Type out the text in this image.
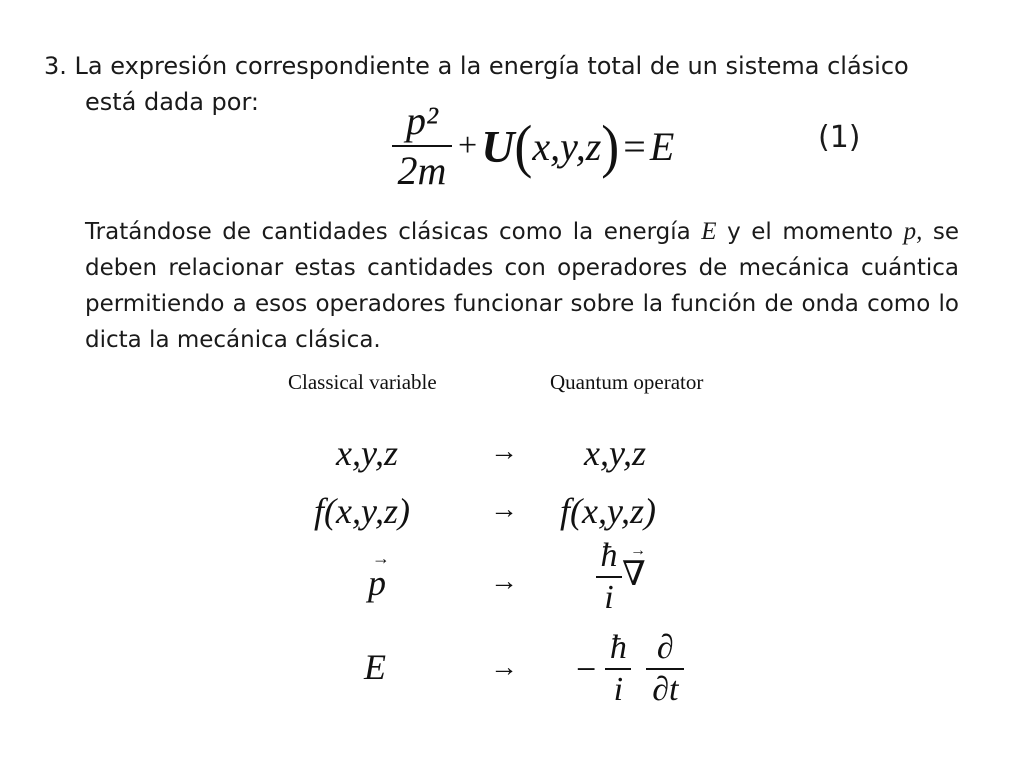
3. La expresión correspondiente a la energía total de un sistema clásico
está dada por:	$\frac{\text{p²}}{2m} + U$ ( x,y,z ) = E	(1)
Tratándose de cantidades clásicas como la energía E y el momento p, se deben relacionar estas cantidades con operadores de mecánica cuántica permitiendo a esos operadores funcionar sobre la función de onda como lo dicta la mecánica clásica.
Classical variable	Quantum operator
x,y,z	→ x,y,z
f(x,y,z)	→ f(x,y,z)
→ p	→ $\frac{ħ}{i}$
→ ∇
E	→ − $\frac{ħ}{i}$
∂
∂t
